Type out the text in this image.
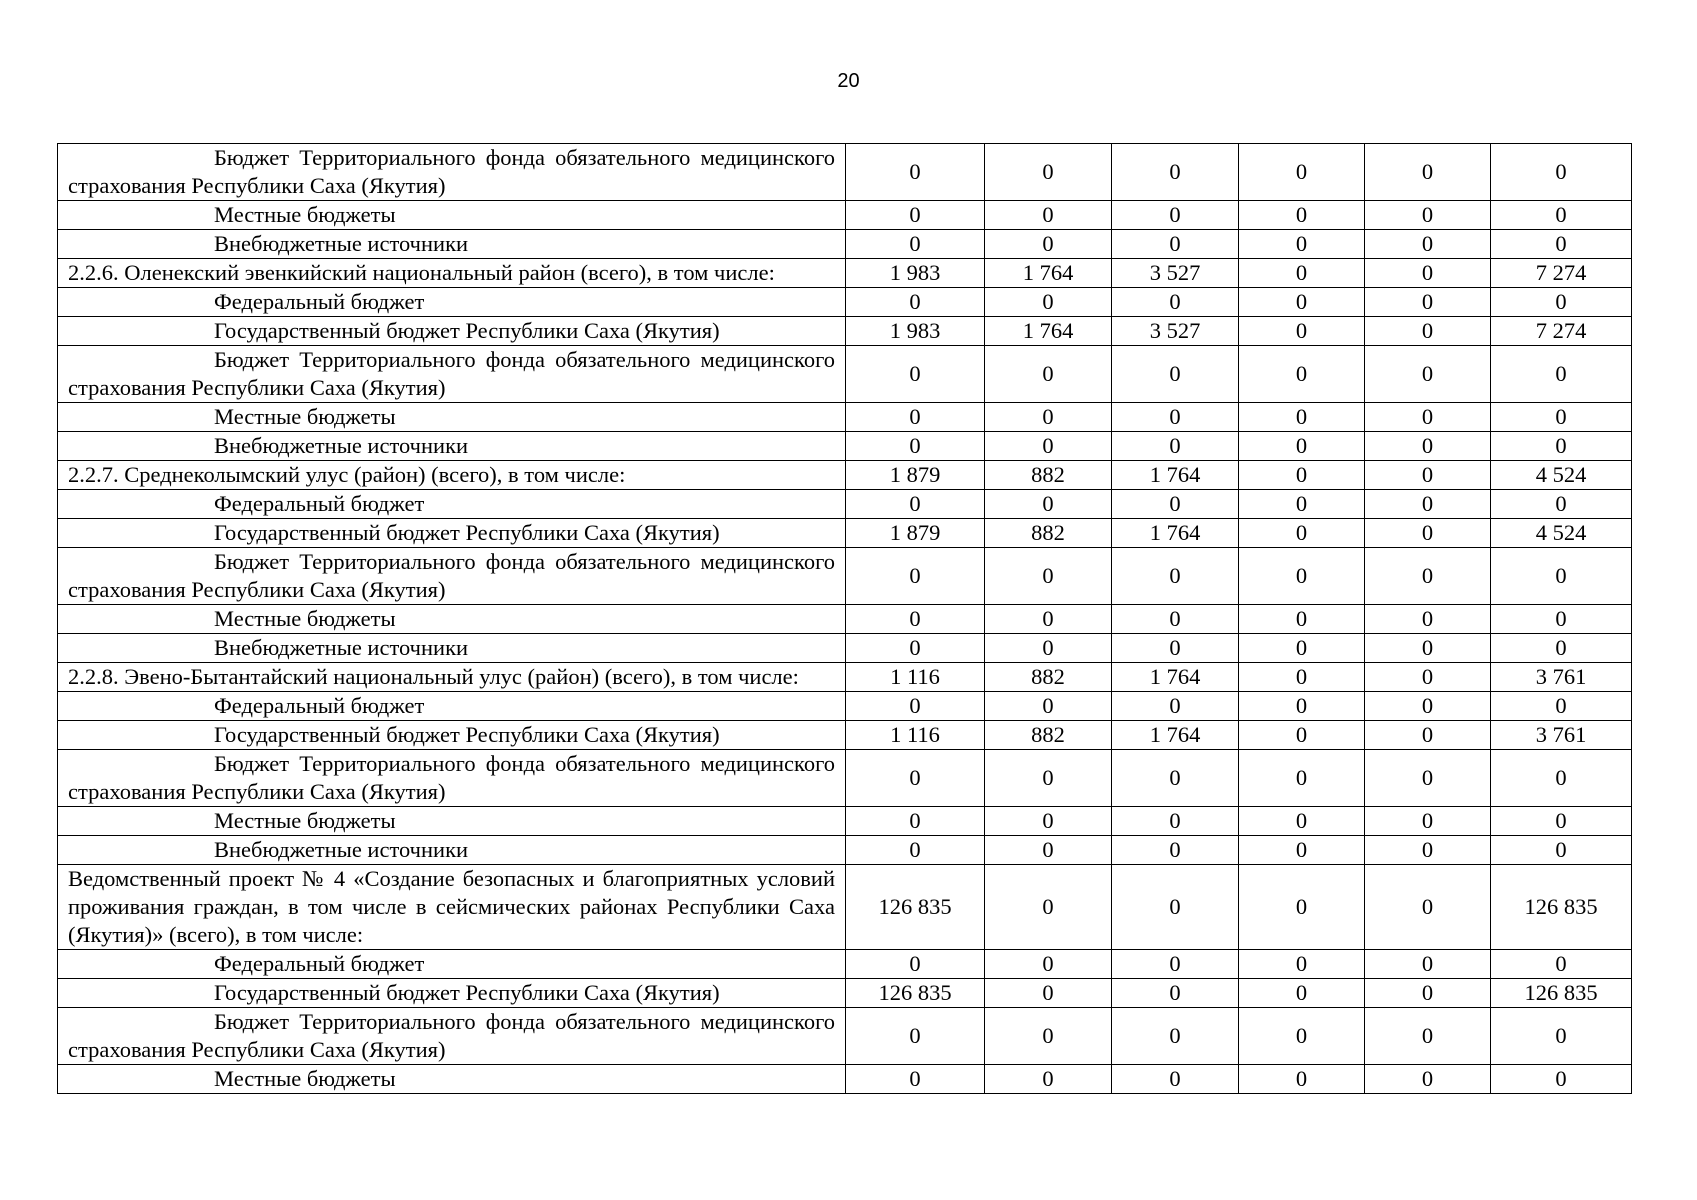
20
Бюджет Территориального фонда обязательного медицинского страхования Республики Саха (Якутия)	0	0	0	0	0	0
Местные бюджеты	0	0	0	0	0	0
Внебюджетные источники	0	0	0	0	0	0
2.2.6. Оленекский эвенкийский национальный район (всего), в том числе:	1 983	1 764	3 527	0	0	7 274
Федеральный бюджет	0	0	0	0	0	0
Государственный бюджет Республики Саха (Якутия)	1 983	1 764	3 527	0	0	7 274
Бюджет Территориального фонда обязательного медицинского страхования Республики Саха (Якутия)	0	0	0	0	0	0
Местные бюджеты	0	0	0	0	0	0
Внебюджетные источники	0	0	0	0	0	0
2.2.7. Среднеколымский улус (район) (всего), в том числе:	1 879	882	1 764	0	0	4 524
Федеральный бюджет	0	0	0	0	0	0
Государственный бюджет Республики Саха (Якутия)	1 879	882	1 764	0	0	4 524
Бюджет Территориального фонда обязательного медицинского страхования Республики Саха (Якутия)	0	0	0	0	0	0
Местные бюджеты	0	0	0	0	0	0
Внебюджетные источники	0	0	0	0	0	0
2.2.8. Эвено-Бытантайский национальный улус (район) (всего), в том числе:	1 116	882	1 764	0	0	3 761
Федеральный бюджет	0	0	0	0	0	0
Государственный бюджет Республики Саха (Якутия)	1 116	882	1 764	0	0	3 761
Бюджет Территориального фонда обязательного медицинского страхования Республики Саха (Якутия)	0	0	0	0	0	0
Местные бюджеты	0	0	0	0	0	0
Внебюджетные источники	0	0	0	0	0	0
Ведомственный проект № 4 «Создание безопасных и благоприятных условий проживания граждан, в том числе в сейсмических районах Республики Саха (Якутия)» (всего), в том числе:	126 835	0	0	0	0	126 835
Федеральный бюджет	0	0	0	0	0	0
Государственный бюджет Республики Саха (Якутия)	126 835	0	0	0	0	126 835
Бюджет Территориального фонда обязательного медицинского страхования Республики Саха (Якутия)	0	0	0	0	0	0
Местные бюджеты	0	0	0	0	0	0
